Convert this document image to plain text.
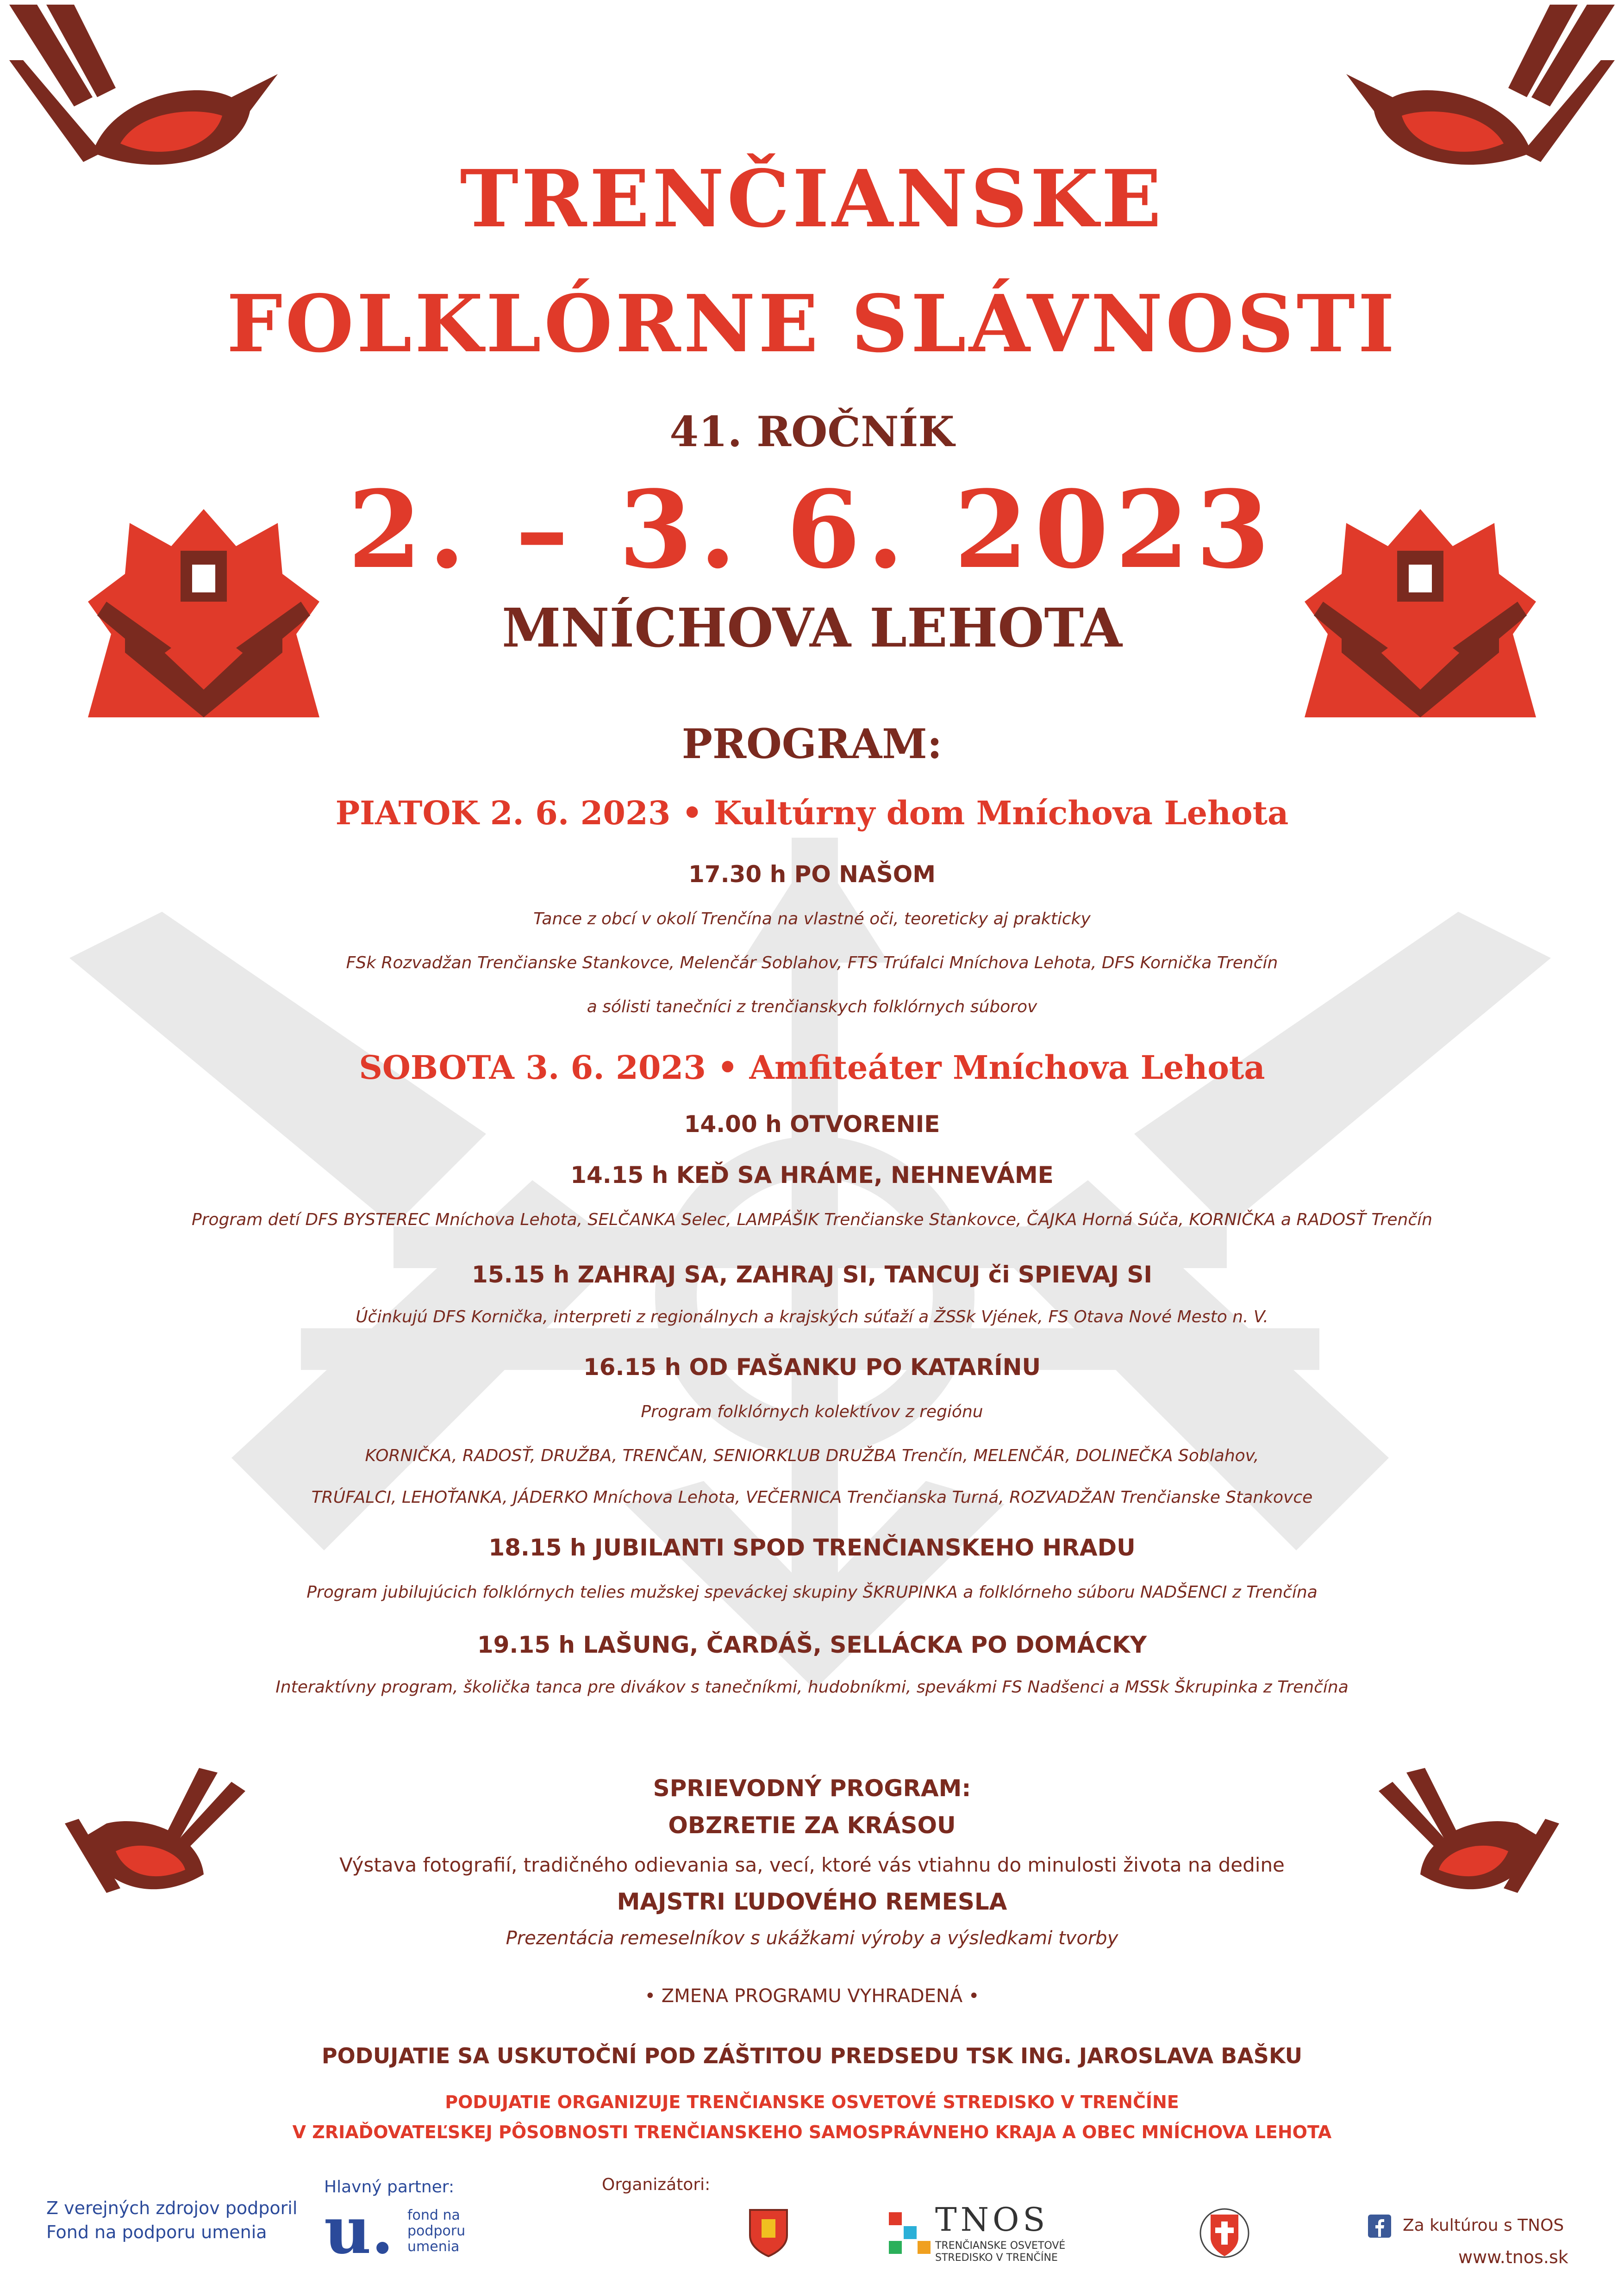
TRENČIANSKE
FOLKLÓRNE SLÁVNOSTI
41. ROČNÍK
2. – 3. 6. 2023
MNÍCHOVA LEHOTA
PROGRAM:
PIATOK 2. 6. 2023 • Kultúrny dom Mníchova Lehota
17.30 h PO NAŠOM
Tance z obcí v okolí Trenčína na vlastné oči, teoreticky aj prakticky
FSk Rozvadžan Trenčianske Stankovce, Melenčár Soblahov, FTS Trúfalci Mníchova Lehota, DFS Kornička Trenčín
a sólisti tanečníci z trenčianskych folklórnych súborov
SOBOTA 3. 6. 2023 • Amfiteáter Mníchova Lehota
14.00 h OTVORENIE
14.15 h KEĎ SA HRÁME, NEHNEVÁME
Program detí DFS BYSTEREC Mníchova Lehota, SELČANKA Selec, LAMPÁŠIK Trenčianske Stankovce, ČAJKA Horná Súča, KORNIČKA a RADOSŤ Trenčín
15.15 h ZAHRAJ SA, ZAHRAJ SI, TANCUJ či SPIEVAJ SI
Účinkujú DFS Kornička, interpreti z regionálnych a krajských súťaží a ŽSSk Vjének, FS Otava Nové Mesto n. V.
16.15 h OD FAŠANKU PO KATARÍNU
Program folklórnych kolektívov z regiónu
KORNIČKA, RADOSŤ, DRUŽBA, TRENČAN, SENIORKLUB DRUŽBA Trenčín, MELENČÁR, DOLINEČKA Soblahov,
TRÚFALCI, LEHOŤANKA, JÁDERKO Mníchova Lehota, VEČERNICA Trenčianska Turná, ROZVADŽAN Trenčianske Stankovce
18.15 h JUBILANTI SPOD TRENČIANSKEHO HRADU
Program jubilujúcich folklórnych telies mužskej speváckej skupiny ŠKRUPINKA a folklórneho súboru NADŠENCI z Trenčína
19.15 h LAŠUNG, ČARDÁŠ, SELLÁCKA PO DOMÁCKY
Interaktívny program, školička tanca pre divákov s tanečníkmi, hudobníkmi, spevákmi FS Nadšenci a MSSk Škrupinka z Trenčína
SPRIEVODNÝ PROGRAM:
OBZRETIE ZA KRÁSOU
Výstava fotografií, tradičného odievania sa, vecí, ktoré vás vtiahnu do minulosti života na dedine
MAJSTRI ĽUDOVÉHO REMESLA
Prezentácia remeselníkov s ukážkami výroby a výsledkami tvorby
• ZMENA PROGRAMU VYHRADENÁ •
PODUJATIE SA USKUTOČNÍ POD ZÁŠTITOU PREDSEDU TSK ING. JAROSLAVA BAŠKU
PODUJATIE ORGANIZUJE TRENČIANSKE OSVETOVÉ STREDISKO V TRENČÍNE
V ZRIAĎOVATEĽSKEJ PÔSOBNOSTI TRENČIANSKEHO SAMOSPRÁVNEHO KRAJA A OBEC MNÍCHOVA LEHOTA
Z verejných zdrojov podporil
Fond na podporu umenia
Hlavný partner:
u. fond na podporu umenia
Organizátori:
TNOS
TRENČIANSKE OSVETOVÉ STREDISKO V TRENČÍNE
Za kultúrou s TNOS
www.tnos.sk
